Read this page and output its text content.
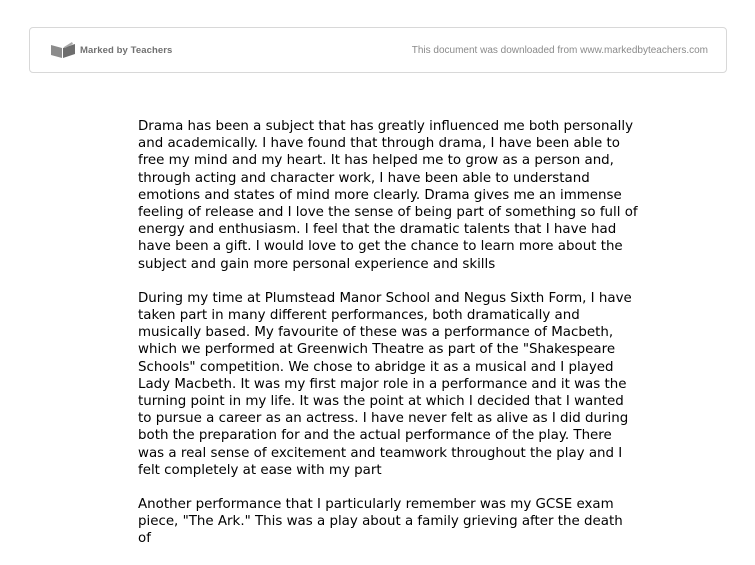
Marked by Teachers	This document was downloaded from www.markedbyteachers.com

Drama has been a subject that has greatly influenced me both personally and academically. I have found that through drama, I have been able to free my mind and my heart. It has helped me to grow as a person and, through acting and character work, I have been able to understand emotions and states of mind more clearly. Drama gives me an immense feeling of release and I love the sense of being part of something so full of energy and enthusiasm. I feel that the dramatic talents that I have had have been a gift. I would love to get the chance to learn more about the subject and gain more personal experience and skills

During my time at Plumstead Manor School and Negus Sixth Form, I have taken part in many different performances, both dramatically and musically based. My favourite of these was a performance of Macbeth, which we performed at Greenwich Theatre as part of the "Shakespeare Schools" competition. We chose to abridge it as a musical and I played Lady Macbeth. It was my first major role in a performance and it was the turning point in my life. It was the point at which I decided that I wanted to pursue a career as an actress. I have never felt as alive as I did during both the preparation for and the actual performance of the play. There was a real sense of excitement and teamwork throughout the play and I felt completely at ease with my part

Another performance that I particularly remember was my GCSE exam piece, "The Ark." This was a play about a family grieving after the death of
